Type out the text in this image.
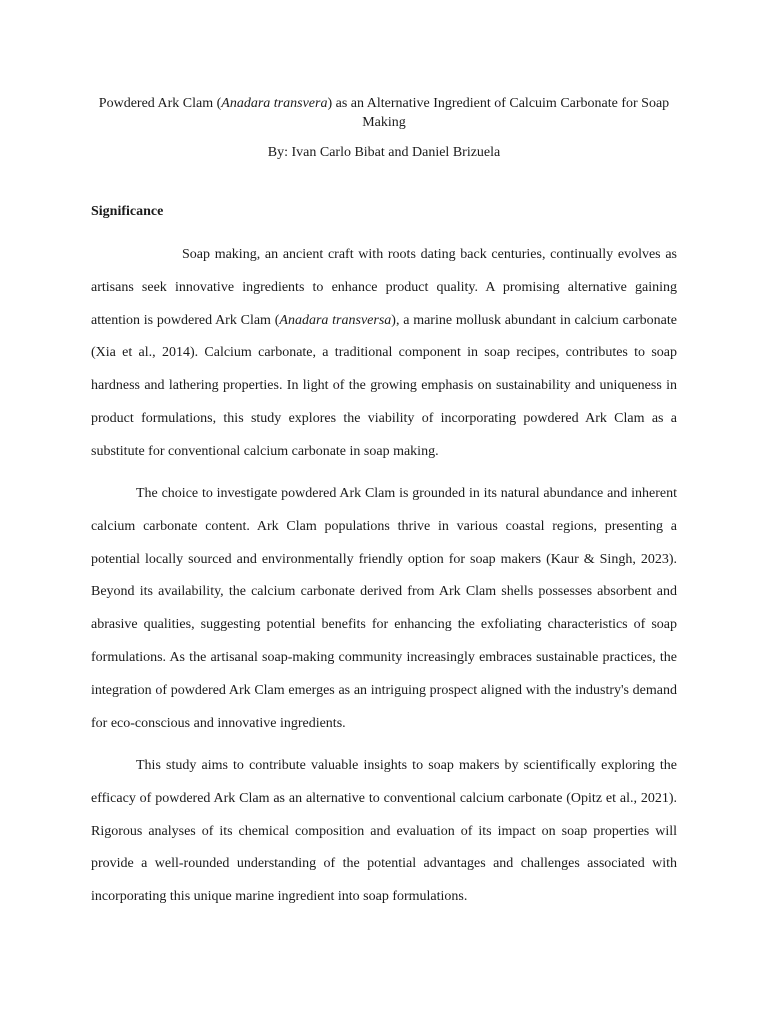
Powdered Ark Clam (Anadara transvera) as an Alternative Ingredient of Calcuim Carbonate for Soap Making
By: Ivan Carlo Bibat and Daniel Brizuela
Significance
Soap making, an ancient craft with roots dating back centuries, continually evolves as artisans seek innovative ingredients to enhance product quality. A promising alternative gaining attention is powdered Ark Clam (Anadara transversa), a marine mollusk abundant in calcium carbonate (Xia et al., 2014). Calcium carbonate, a traditional component in soap recipes, contributes to soap hardness and lathering properties. In light of the growing emphasis on sustainability and uniqueness in product formulations, this study explores the viability of incorporating powdered Ark Clam as a substitute for conventional calcium carbonate in soap making.
The choice to investigate powdered Ark Clam is grounded in its natural abundance and inherent calcium carbonate content. Ark Clam populations thrive in various coastal regions, presenting a potential locally sourced and environmentally friendly option for soap makers (Kaur & Singh, 2023). Beyond its availability, the calcium carbonate derived from Ark Clam shells possesses absorbent and abrasive qualities, suggesting potential benefits for enhancing the exfoliating characteristics of soap formulations. As the artisanal soap-making community increasingly embraces sustainable practices, the integration of powdered Ark Clam emerges as an intriguing prospect aligned with the industry's demand for eco-conscious and innovative ingredients.
This study aims to contribute valuable insights to soap makers by scientifically exploring the efficacy of powdered Ark Clam as an alternative to conventional calcium carbonate (Opitz et al., 2021). Rigorous analyses of its chemical composition and evaluation of its impact on soap properties will provide a well-rounded understanding of the potential advantages and challenges associated with incorporating this unique marine ingredient into soap formulations.
